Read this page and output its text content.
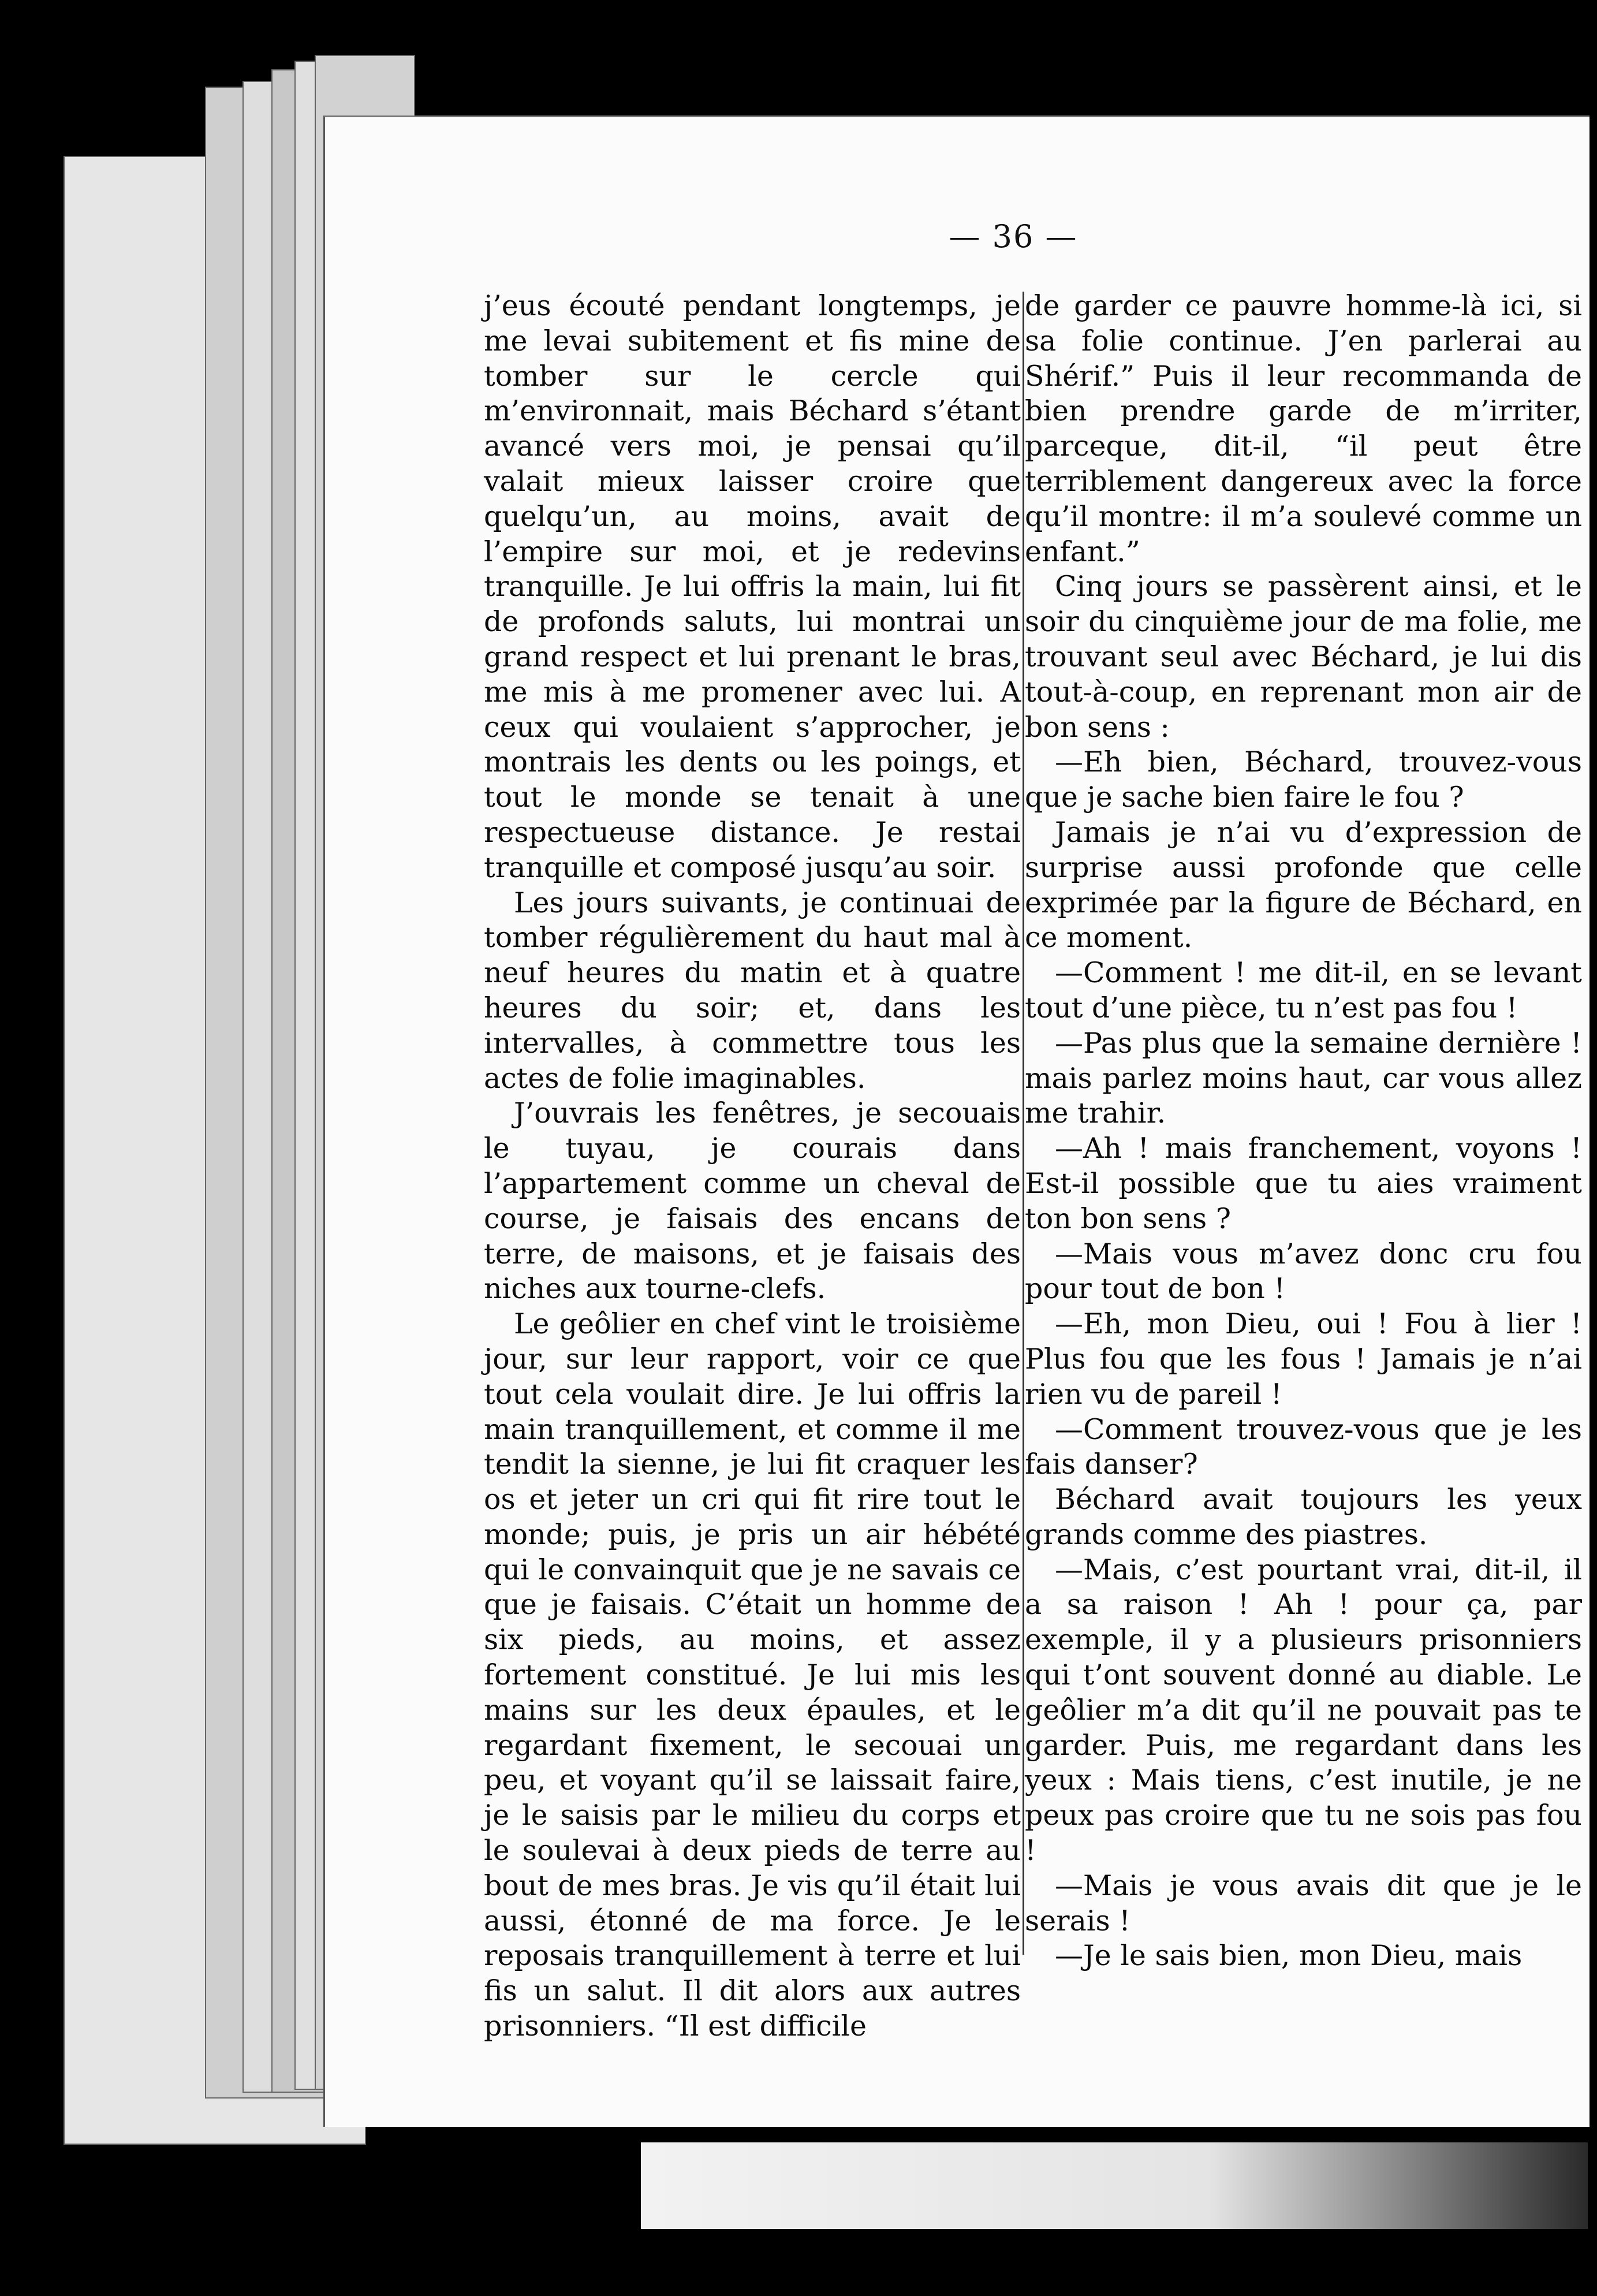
— 36 —

j’eus écouté pendant longtemps, je me levai subitement et fis mine de tomber sur le cercle qui m’environnait, mais Béchard s’étant avancé vers moi, je pensai qu’il valait mieux laisser croire que quelqu’un, au moins, avait de l’empire sur moi, et je redevins tranquille. Je lui offris la main, lui fit de profonds saluts, lui montrai un grand respect et lui prenant le bras, me mis à me promener avec lui. A ceux qui voulaient s’approcher, je montrais les dents ou les poings, et tout le monde se tenait à une respectueuse distance. Je restai tranquille et composé jusqu’au soir.

Les jours suivants, je continuai de tomber régulièrement du haut mal à neuf heures du matin et à quatre heures du soir; et, dans les intervalles, à commettre tous les actes de folie imaginables.

J’ouvrais les fenêtres, je secouais le tuyau, je courais dans l’appartement comme un cheval de course, je faisais des encans de terre, de maisons, et je faisais des niches aux tourne-clefs.

Le geôlier en chef vint le troisième jour, sur leur rapport, voir ce que tout cela voulait dire. Je lui offris la main tranquillement, et comme il me tendit la sienne, je lui fit craquer les os et jeter un cri qui fit rire tout le monde; puis, je pris un air hébété qui le convainquit que je ne savais ce que je faisais. C’était un homme de six pieds, au moins, et assez fortement constitué. Je lui mis les mains sur les deux épaules, et le regardant fixement, le secouai un peu, et voyant qu’il se laissait faire, je le saisis par le milieu du corps et le soulevai à deux pieds de terre au bout de mes bras. Je vis qu’il était lui aussi, étonné de ma force. Je le reposais tranquillement à terre et lui fis un salut. Il dit alors aux autres prisonniers. “Il est difficile

de garder ce pauvre homme-là ici, si sa folie continue. J’en parlerai au Shérif.” Puis il leur recommanda de bien prendre garde de m’irriter, parceque, dit-il, “il peut être terriblement dangereux avec la force qu’il montre: il m’a soulevé comme un enfant.”

Cinq jours se passèrent ainsi, et le soir du cinquième jour de ma folie, me trouvant seul avec Béchard, je lui dis tout-à-coup, en reprenant mon air de bon sens :

—Eh bien, Béchard, trouvez-vous que je sache bien faire le fou ?

Jamais je n’ai vu d’expression de surprise aussi profonde que celle exprimée par la figure de Béchard, en ce moment.

—Comment ! me dit-il, en se levant tout d’une pièce, tu n’est pas fou !

—Pas plus que la semaine dernière ! mais parlez moins haut, car vous allez me trahir.

—Ah ! mais franchement, voyons ! Est-il possible que tu aies vraiment ton bon sens ?

—Mais vous m’avez donc cru fou pour tout de bon !

—Eh, mon Dieu, oui ! Fou à lier ! Plus fou que les fous ! Jamais je n’ai rien vu de pareil !

—Comment trouvez-vous que je les fais danser?

Béchard avait toujours les yeux grands comme des piastres.

—Mais, c’est pourtant vrai, dit-il, il a sa raison ! Ah ! pour ça, par exemple, il y a plusieurs prisonniers qui t’ont souvent donné au diable. Le geôlier m’a dit qu’il ne pouvait pas te garder. Puis, me regardant dans les yeux : Mais tiens, c’est inutile, je ne peux pas croire que tu ne sois pas fou !

—Mais je vous avais dit que je le serais !

—Je le sais bien, mon Dieu, mais
